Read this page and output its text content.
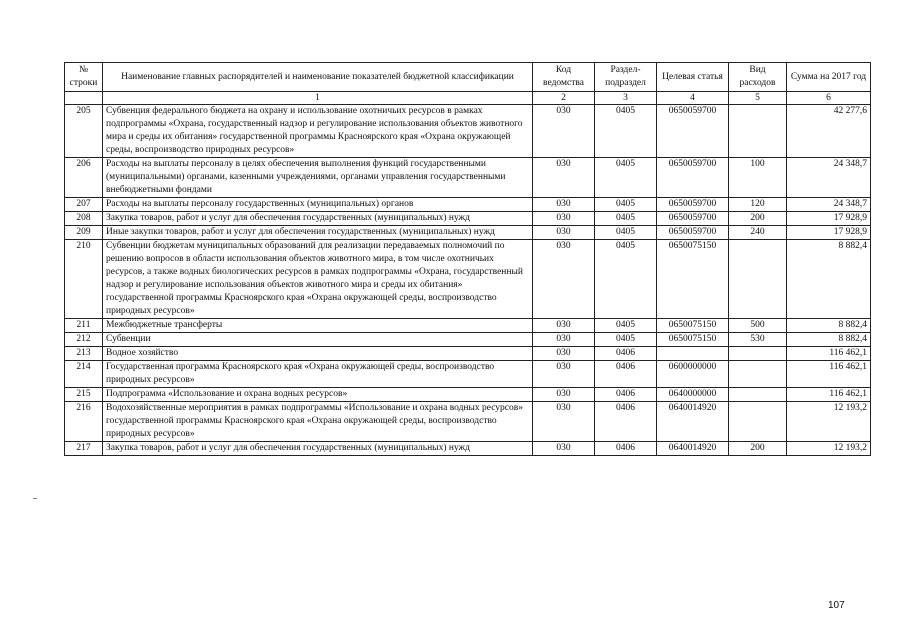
№ строки	Наименование главных распорядителей и наименование показателей бюджетной классификации	Код ведомства	Раздел- подраздел	Целевая статья	Вид расходов	Сумма на 2017 год
	1	2	3	4	5	6
205	Субвенция федерального бюджета на охрану и использование охотничьих ресурсов в рамках подпрограммы «Охрана, государственный надзор и регулирование использования объектов животного мира и среды их обитания» государственной программы Красноярского края «Охрана окружающей среды, воспроизводство природных ресурсов»	030	0405	0650059700		42 277,6
206	Расходы на выплаты персоналу в целях обеспечения выполнения функций государственными (муниципальными) органами, казенными учреждениями, органами управления государственными внебюджетными фондами	030	0405	0650059700	100	24 348,7
207	Расходы на выплаты персоналу государственных (муниципальных) органов	030	0405	0650059700	120	24 348,7
208	Закупка товаров, работ и услуг для обеспечения государственных (муниципальных) нужд	030	0405	0650059700	200	17 928,9
209	Иные закупки товаров, работ и услуг для обеспечения государственных (муниципальных) нужд	030	0405	0650059700	240	17 928,9
210	Субвенции бюджетам муниципальных образований для реализации передаваемых полномочий по решению вопросов в области использования объектов животного мира, в том числе охотничьих ресурсов, а также водных биологических ресурсов в рамках подпрограммы «Охрана, государственный надзор и регулирование использования объектов животного мира и среды их обитания» государственной программы Красноярского края «Охрана окружающей среды, воспроизводство природных ресурсов»	030	0405	0650075150		8 882,4
211	Межбюджетные трансферты	030	0405	0650075150	500	8 882,4
212	Субвенции	030	0405	0650075150	530	8 882,4
213	Водное хозяйство	030	0406			116 462,1
214	Государственная программа Красноярского края «Охрана окружающей среды, воспроизводство природных ресурсов»	030	0406	0600000000		116 462,1
215	Подпрограмма «Использование и охрана водных ресурсов»	030	0406	0640000000		116 462,1
216	Водохозяйственные мероприятия в рамках подпрограммы «Использование и охрана водных ресурсов» государственной программы Красноярского края «Охрана окружающей среды, воспроизводство природных ресурсов»	030	0406	0640014920		12 193,2
217	Закупка товаров, работ и услуг для обеспечения государственных (муниципальных) нужд	030	0406	0640014920	200	12 193,2
107
